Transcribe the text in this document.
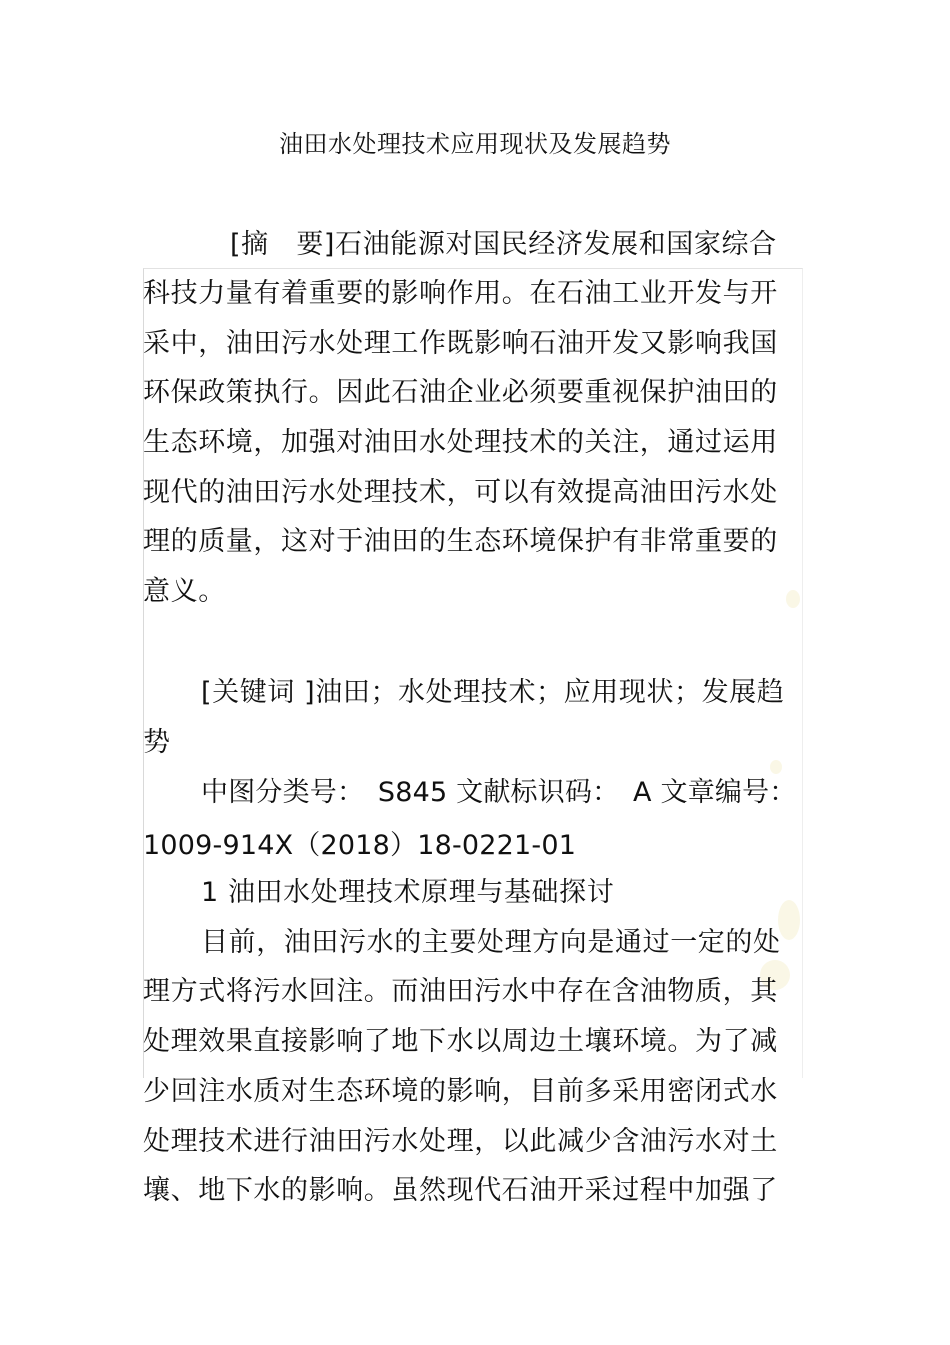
油田水处理技术应用现状及发展趋势
[摘　要]石油能源对国民经济发展和国家综合
科技力量有着重要的影响作用。在石油工业开发与开
采中，油田污水处理工作既影响石油开发又影响我国
环保政策执行。因此石油企业必须要重视保护油田的
生态环境，加强对油田水处理技术的关注，通过运用
现代的油田污水处理技术，可以有效提高油田污水处
理的质量，这对于油田的生态环境保护有非常重要的
意义。
[关键词 ]油田；水处理技术；应用现状；发展趋
势
中图分类号：　S845 文献标识码：　A 文章编号：
1009-914X（2018）18-0221-01
1 油田水处理技术原理与基础探讨
目前，油田污水的主要处理方向是通过一定的处
理方式将污水回注。而油田污水中存在含油物质，其
处理效果直接影响了地下水以周边土壤环境。为了减
少回注水质对生态环境的影响，目前多采用密闭式水
处理技术进行油田污水处理，以此减少含油污水对土
壤、地下水的影响。虽然现代石油开采过程中加强了
